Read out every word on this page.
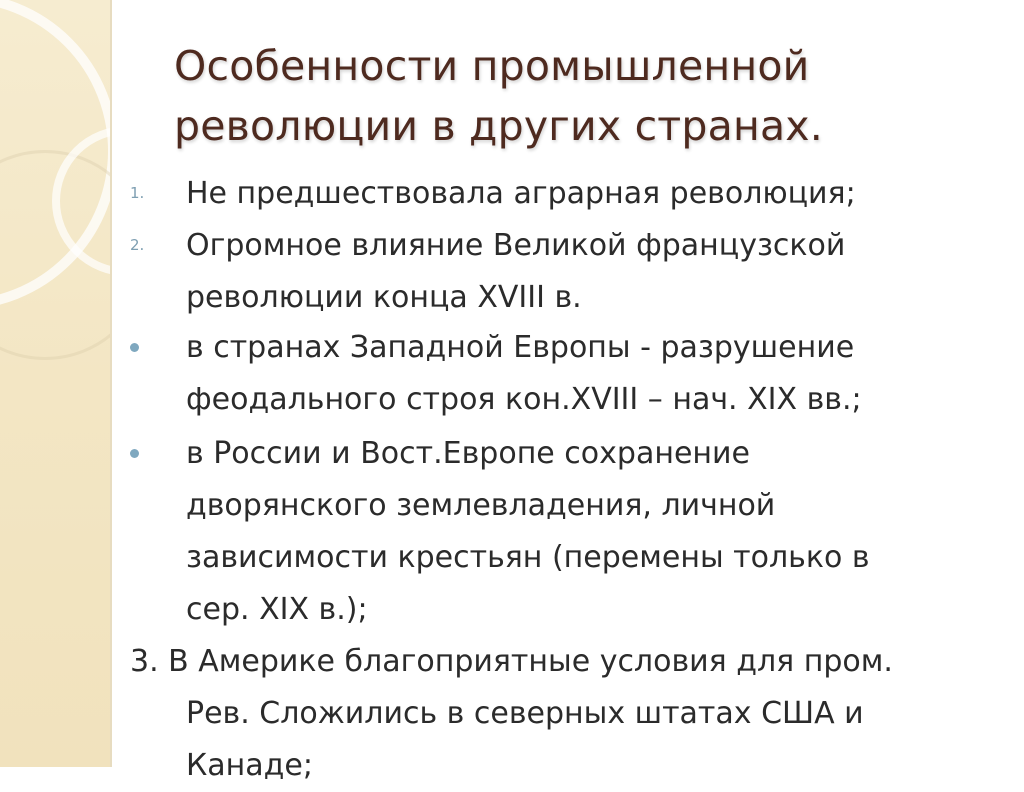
Особенности промышленной
революции в других странах.
1. Не предшествовала аграрная революция;
2. Огромное влияние Великой французской
революции конца XVIII в.
в странах Западной Европы - разрушение
феодального строя кон.XVIII – нач. XIX вв.;
в России и Вост.Европе сохранение
дворянского землевладения, личной
зависимости крестьян (перемены только в
сер. XIX в.);
3. В Америке благоприятные условия для пром.
Рев. Сложились в северных штатах США и
Канаде;
